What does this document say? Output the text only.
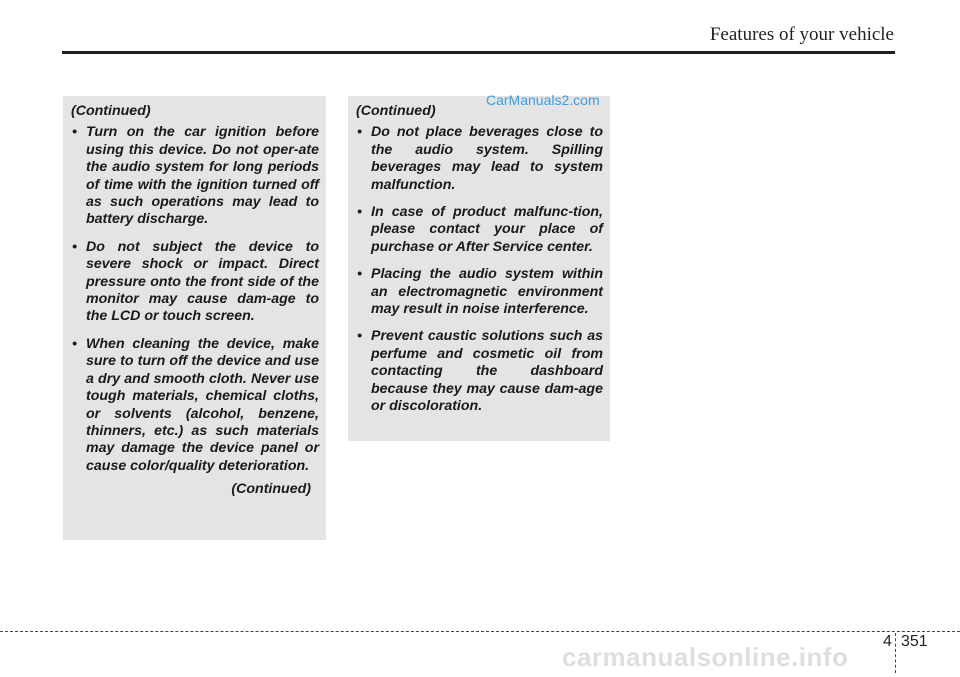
Features of your vehicle
(Continued)
• Turn on the car ignition before using this device. Do not oper-ate the audio system for long periods of time with the ignition turned off as such operations may lead to battery discharge.
• Do not subject the device to severe shock or impact. Direct pressure onto the front side of the monitor may cause dam-age to the LCD or touch screen.
• When cleaning the device, make sure to turn off the device and use a dry and smooth cloth. Never use tough materials, chemical cloths, or solvents (alcohol, benzene, thinners, etc.) as such materials may damage the device panel or cause color/quality deterioration.
(Continued)
(Continued)
• Do not place beverages close to the audio system. Spilling beverages may lead to system malfunction.
• In case of product malfunc-tion, please contact your place of purchase or After Service center.
• Placing the audio system within an electromagnetic environment may result in noise interference.
• Prevent caustic solutions such as perfume and cosmetic oil from contacting the dashboard because they may cause dam-age or discoloration.
CarManuals2.com
4 351
carmanualsonline.info
